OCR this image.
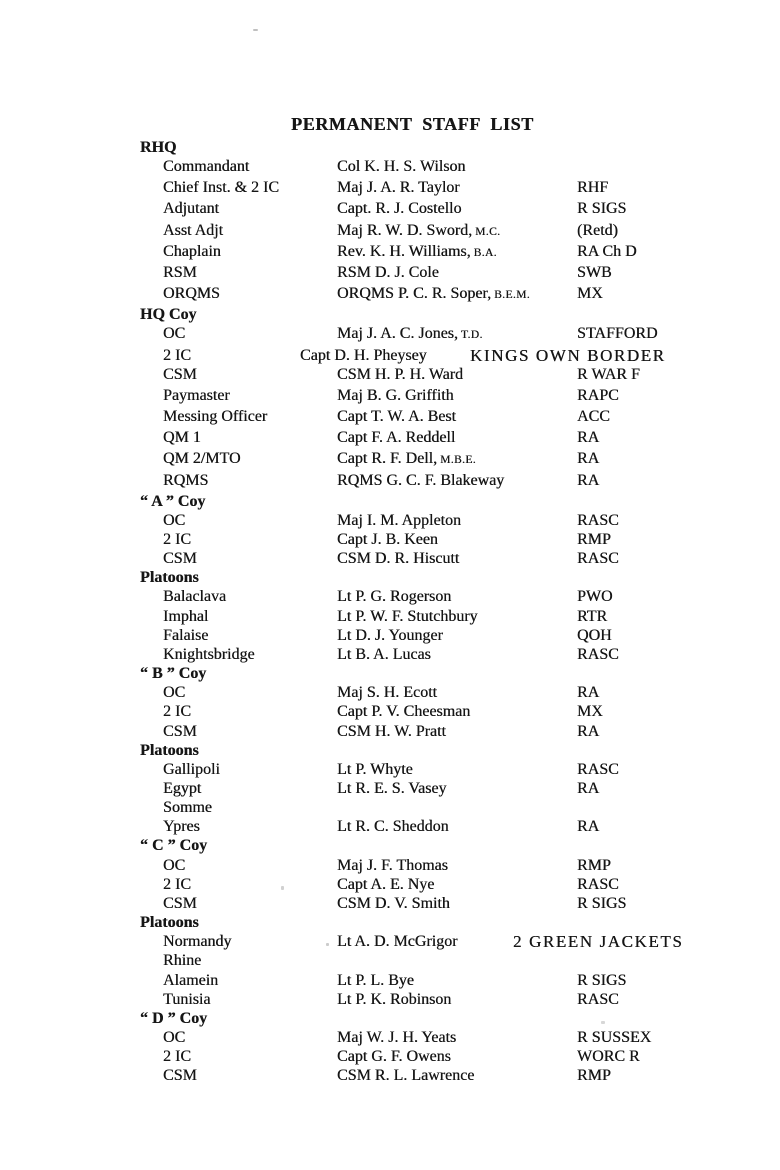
PERMANENT STAFF LIST
RHQ
Commandant	Col K. H. S. Wilson
Chief Inst. & 2 IC	Maj J. A. R. Taylor	RHF
Adjutant	Capt. R. J. Costello	R SIGS
Asst Adjt	Maj R. W. D. Sword, M.C.	(Retd)
Chaplain	Rev. K. H. Williams, B.A.	RA Ch D
RSM	RSM D. J. Cole	SWB
ORQMS	ORQMS P. C. R. Soper, B.E.M.	MX
HQ Coy
OC	Maj J. A. C. Jones, T.D.	STAFFORD
2 IC	Capt D. H. Pheysey	KINGS OWN BORDER
CSM	CSM H. P. H. Ward	R WAR F
Paymaster	Maj B. G. Griffith	RAPC
Messing Officer	Capt T. W. A. Best	ACC
QM 1	Capt F. A. Reddell	RA
QM 2/MTO	Capt R. F. Dell, M.B.E.	RA
RQMS	RQMS G. C. F. Blakeway	RA
“ A ” Coy
OC	Maj I. M. Appleton	RASC
2 IC	Capt J. B. Keen	RMP
CSM	CSM D. R. Hiscutt	RASC
Platoons
Balaclava	Lt P. G. Rogerson	PWO
Imphal	Lt P. W. F. Stutchbury	RTR
Falaise	Lt D. J. Younger	QOH
Knightsbridge	Lt B. A. Lucas	RASC
“ B ” Coy
OC	Maj S. H. Ecott	RA
2 IC	Capt P. V. Cheesman	MX
CSM	CSM H. W. Pratt	RA
Platoons
Gallipoli	Lt P. Whyte	RASC
Egypt	Lt R. E. S. Vasey	RA
Somme
Ypres	Lt R. C. Sheddon	RA
“ C ” Coy
OC	Maj J. F. Thomas	RMP
2 IC	Capt A. E. Nye	RASC
CSM	CSM D. V. Smith	R SIGS
Platoons
Normandy	Lt A. D. McGrigor	2 GREEN JACKETS
Rhine
Alamein	Lt P. L. Bye	R SIGS
Tunisia	Lt P. K. Robinson	RASC
“ D ” Coy
OC	Maj W. J. H. Yeats	R SUSSEX
2 IC	Capt G. F. Owens	WORC R
CSM	CSM R. L. Lawrence	RMP
